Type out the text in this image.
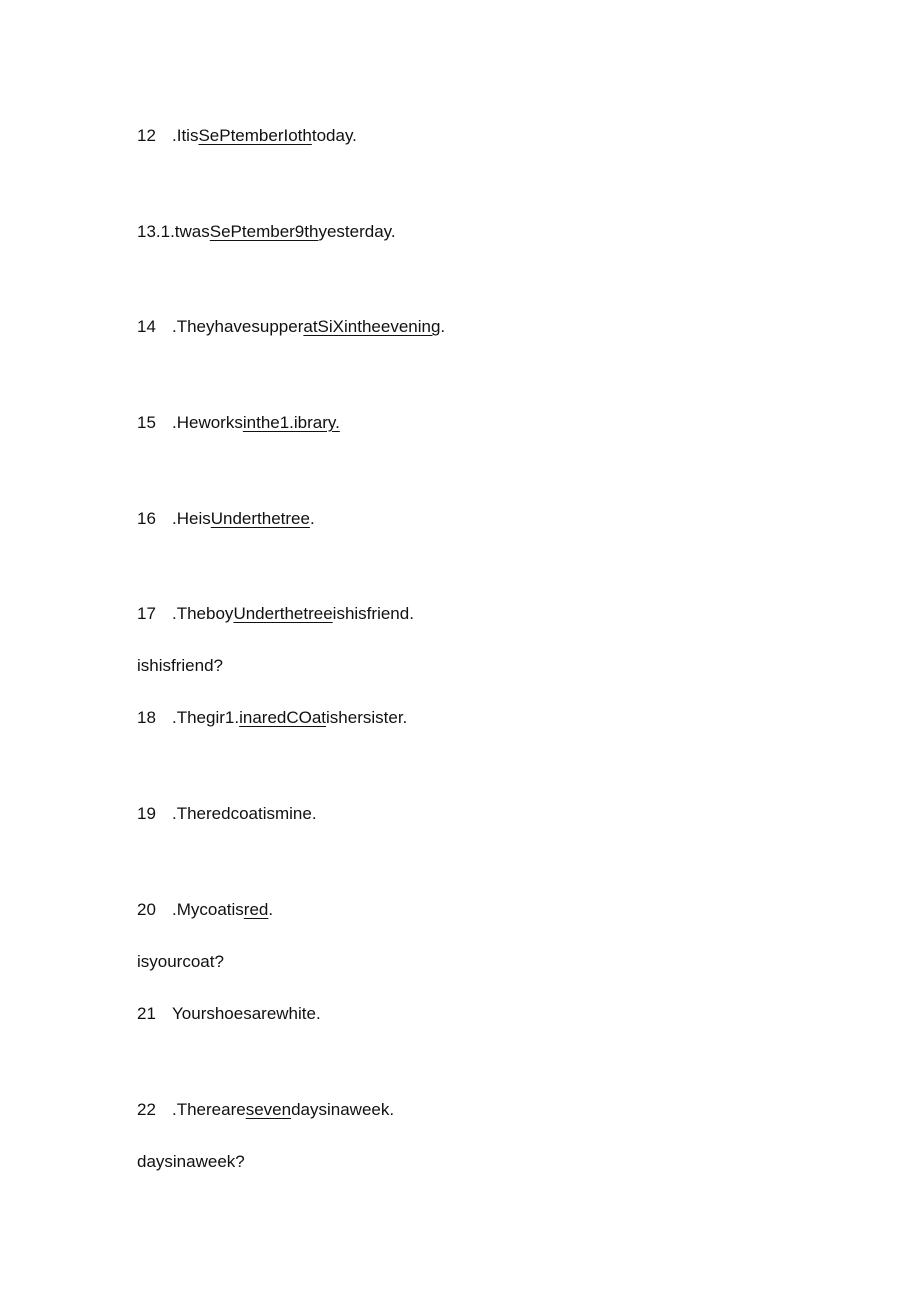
12 .ItisSePtemberIothtoday.
13.1.twasSePtember9thyesterday.
14 .TheyhavesupperatSiXintheevening.
15 .Heworksinthe1.ibrary.
16 .HeisUnderthetree.
17 .TheboyUnderthetreeishisfriend.
ishisfriend?
18 .Thegir1.inaredCOatishersister.
19 .Theredcoatismine.
20 .Mycoatisred.
isyourcoat?
21 Yourshoesarewhite.
22 .Therearesevendaysinaweek.
daysinaweek?
